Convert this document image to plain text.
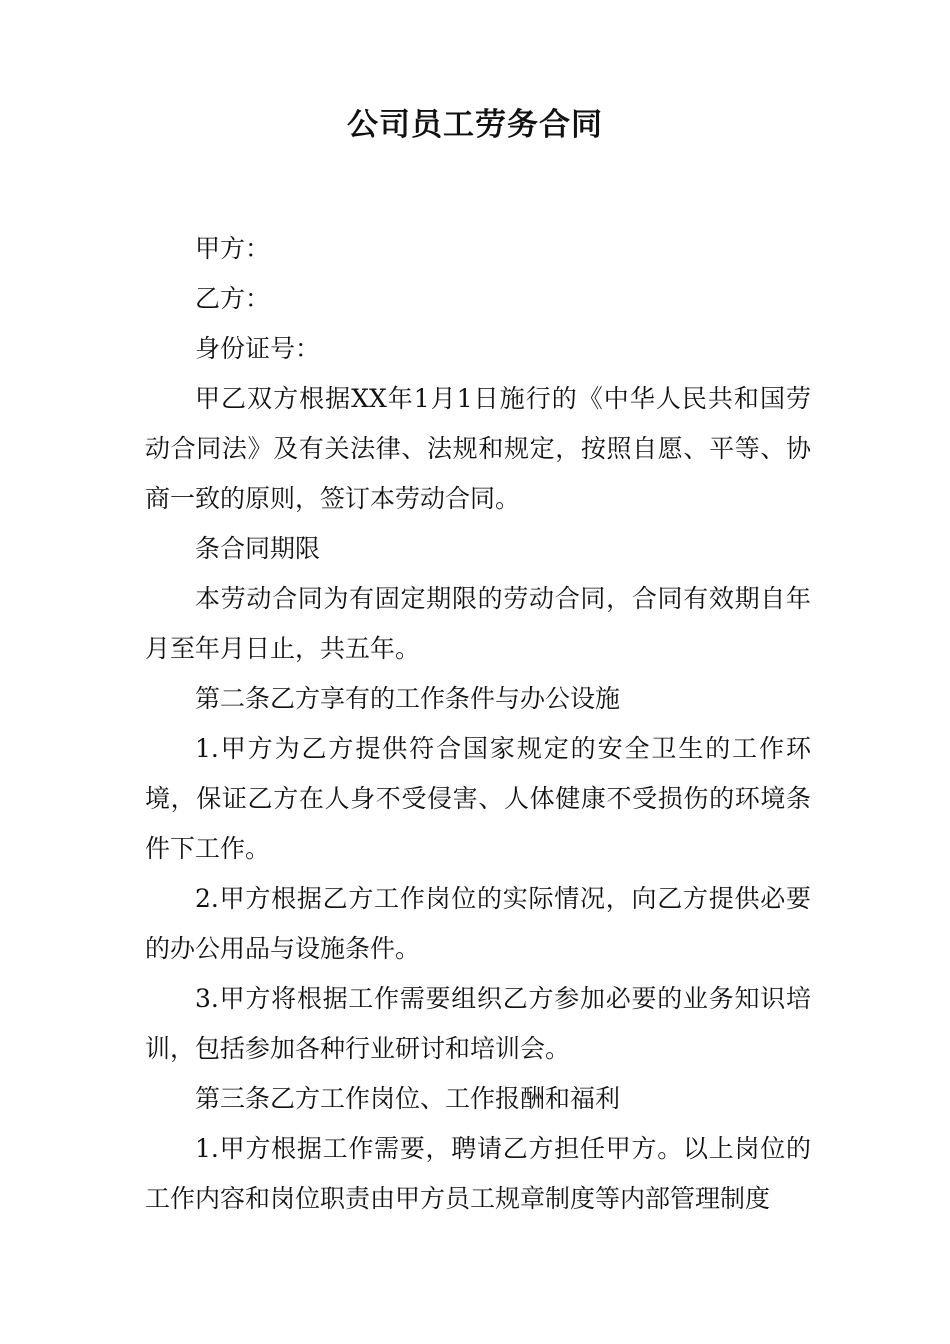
公司员工劳务合同

甲方：

乙方：

身份证号：

甲乙双方根据XX年1月1日施行的《中华人民共和国劳动合同法》及有关法律、法规和规定，按照自愿、平等、协商一致的原则，签订本劳动合同。

条合同期限

本劳动合同为有固定期限的劳动合同，合同有效期自年月至年月日止，共五年。

第二条乙方享有的工作条件与办公设施

1.甲方为乙方提供符合国家规定的安全卫生的工作环境，保证乙方在人身不受侵害、人体健康不受损伤的环境条件下工作。

2.甲方根据乙方工作岗位的实际情况，向乙方提供必要的办公用品与设施条件。

3.甲方将根据工作需要组织乙方参加必要的业务知识培训，包括参加各种行业研讨和培训会。

第三条乙方工作岗位、工作报酬和福利

1.甲方根据工作需要，聘请乙方担任甲方。以上岗位的工作内容和岗位职责由甲方员工规章制度等内部管理制度
